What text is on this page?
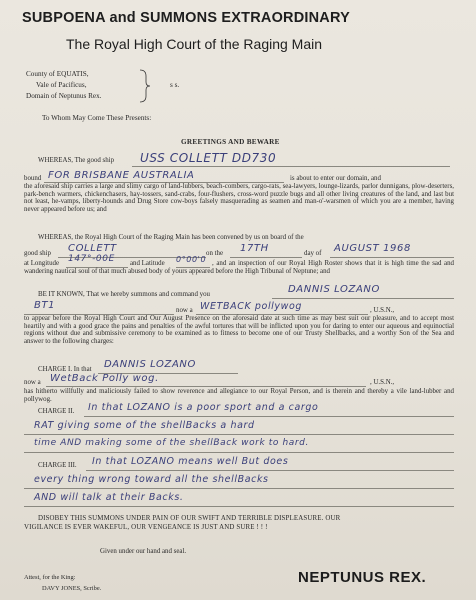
SUBPOENA and SUMMONS EXTRAORDINARY
The Royal High Court of the Raging Main
County of EQUATIS,
Vale of Pacificus,
Domain of Neptunus Rex.
s s.
To Whom May Come These Presents:
GREETINGS AND BEWARE
WHEREAS, The good ship USS COLLETT DD730
bound FOR BRISBANE AUSTRALIA	is about to enter our domain, and
the aforesaid ship carries a large and slimy cargo of land-lubbers, beach-combers, cargo-rats, sea-lawyers, lounge-lizards, parlor dunnigans, plow-deserters, park-bench warmers, chickenchasers, hay-tossers, sand-crabs, four-flushers, cross-word puzzle bugs and all other living creatures of the land, and last but not least, he-vamps, liberty-hounds and Drug Store cow-boys falsely masquerading as seamen and man-o'-warsmen of which you are a member, having never appeared before us; and
WHEREAS, the Royal High Court of the Raging Main has been convened by us on board of the
good ship COLLETT	on the 17TH	day of AUGUST 1968
at Longitude 147°-00E and Latitude 0°00'0 , and an inspection of our Royal High Roster shows that it is high time the sad and wandering nautical soul of that much abused body of yours appeared before the High Tribunal of Neptune; and
BE IT KNOWN, That we hereby summons and command you	DANNIS LOZANO
BT1	now a WETBACK pollywog	, U.S.N.,
to appear before the Royal High Court and Our August Presence on the aforesaid date at such time as may best suit our pleasure, and to accept most heartily and with a good grace the pains and penalties of the awful tortures that will be inflicted upon you for daring to enter our aqueous and equinoctial regions without due and submissive ceremony to be examined as to fitness to become one of our Trusty Shellbacks, and a worthy Son of the Sea and answer to the following charges:
CHARGE I. In that DANNIS LOZANO
now a WetBack Polly wog.	, U.S.N.,
has hitherto willfully and maliciously failed to show reverence and allegiance to our Royal Person, and is therein and thereby a vile land-lubber and pollywog.
CHARGE II. In that LOZANO is a poor sport and a cargo
RAT giving some of the shellBacks a hard
time AND making some of the shellBack work to hard.
CHARGE III. In that LOZANO means well But does
every thing wrong toward all the shellBacks
AND will talk at their Backs.
DISOBEY THIS SUMMONS UNDER PAIN OF OUR SWIFT AND TERRIBLE DISPLEASURE. OUR
VIGILANCE IS EVER WAKEFUL, OUR VENGEANCE IS JUST AND SURE ! ! !
Given under our hand and seal.
Attest, for the King:
DAVY JONES, Scribe.
NEPTUNUS REX.
